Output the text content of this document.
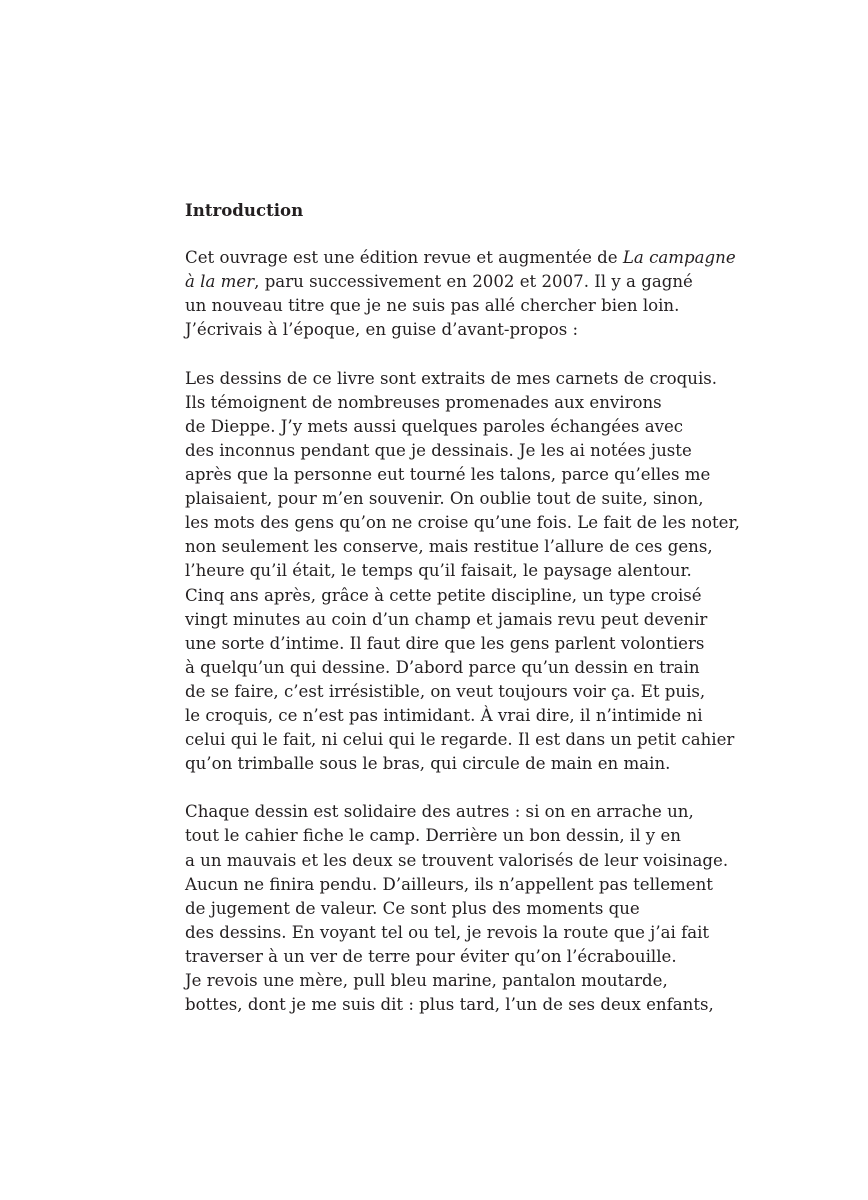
Introduction
Cet ouvrage est une édition revue et augmentée de La campagne
à la mer, paru successivement en 2002 et 2007. Il y a gagné
un nouveau titre que je ne suis pas allé chercher bien loin.
J’écrivais à l’époque, en guise d’avant-propos :
Les dessins de ce livre sont extraits de mes carnets de croquis.
Ils témoignent de nombreuses promenades aux environs
de Dieppe. J’y mets aussi quelques paroles échangées avec
des inconnus pendant que je dessinais. Je les ai notées juste
après que la personne eut tourné les talons, parce qu’elles me
plaisaient, pour m’en souvenir. On oublie tout de suite, sinon,
les mots des gens qu’on ne croise qu’une fois. Le fait de les noter,
non seulement les conserve, mais restitue l’allure de ces gens,
l’heure qu’il était, le temps qu’il faisait, le paysage alentour.
Cinq ans après, grâce à cette petite discipline, un type croisé
vingt minutes au coin d’un champ et jamais revu peut devenir
une sorte d’intime. Il faut dire que les gens parlent volontiers
à quelqu’un qui dessine. D’abord parce qu’un dessin en train
de se faire, c’est irrésistible, on veut toujours voir ça. Et puis,
le croquis, ce n’est pas intimidant. À vrai dire, il n’intimide ni
celui qui le fait, ni celui qui le regarde. Il est dans un petit cahier
qu’on trimballe sous le bras, qui circule de main en main.
Chaque dessin est solidaire des autres : si on en arrache un,
tout le cahier fiche le camp. Derrière un bon dessin, il y en
a un mauvais et les deux se trouvent valorisés de leur voisinage.
Aucun ne finira pendu. D’ailleurs, ils n’appellent pas tellement
de jugement de valeur. Ce sont plus des moments que
des dessins. En voyant tel ou tel, je revois la route que j’ai fait
traverser à un ver de terre pour éviter qu’on l’écrabouille.
Je revois une mère, pull bleu marine, pantalon moutarde,
bottes, dont je me suis dit : plus tard, l’un de ses deux enfants,
